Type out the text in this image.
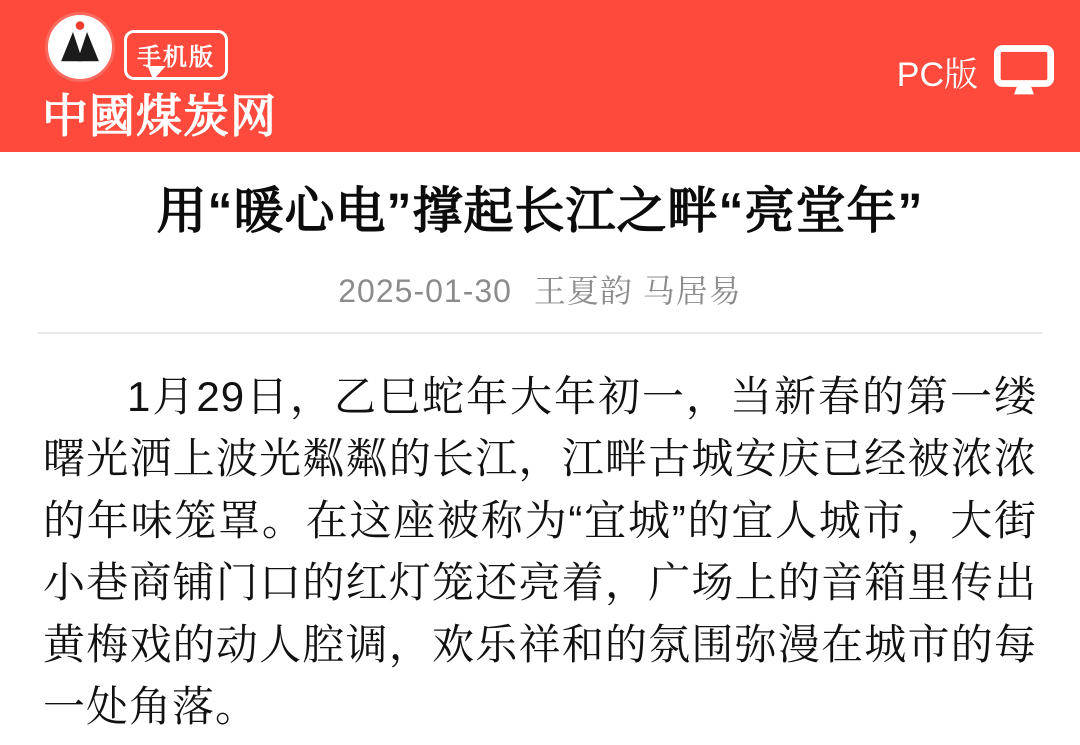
手机版
中國煤炭网
PC版
用“暖心电”撑起长江之畔“亮堂年”
2025-01-30 王夏韵 马居易

1月29日，乙巳蛇年大年初一，当新春的第一缕曙光洒上波光粼粼的长江，江畔古城安庆已经被浓浓的年味笼罩。在这座被称为“宜城”的宜人城市，大街小巷商铺门口的红灯笼还亮着，广场上的音箱里传出黄梅戏的动人腔调，欢乐祥和的氛围弥漫在城市的每一处角落。
